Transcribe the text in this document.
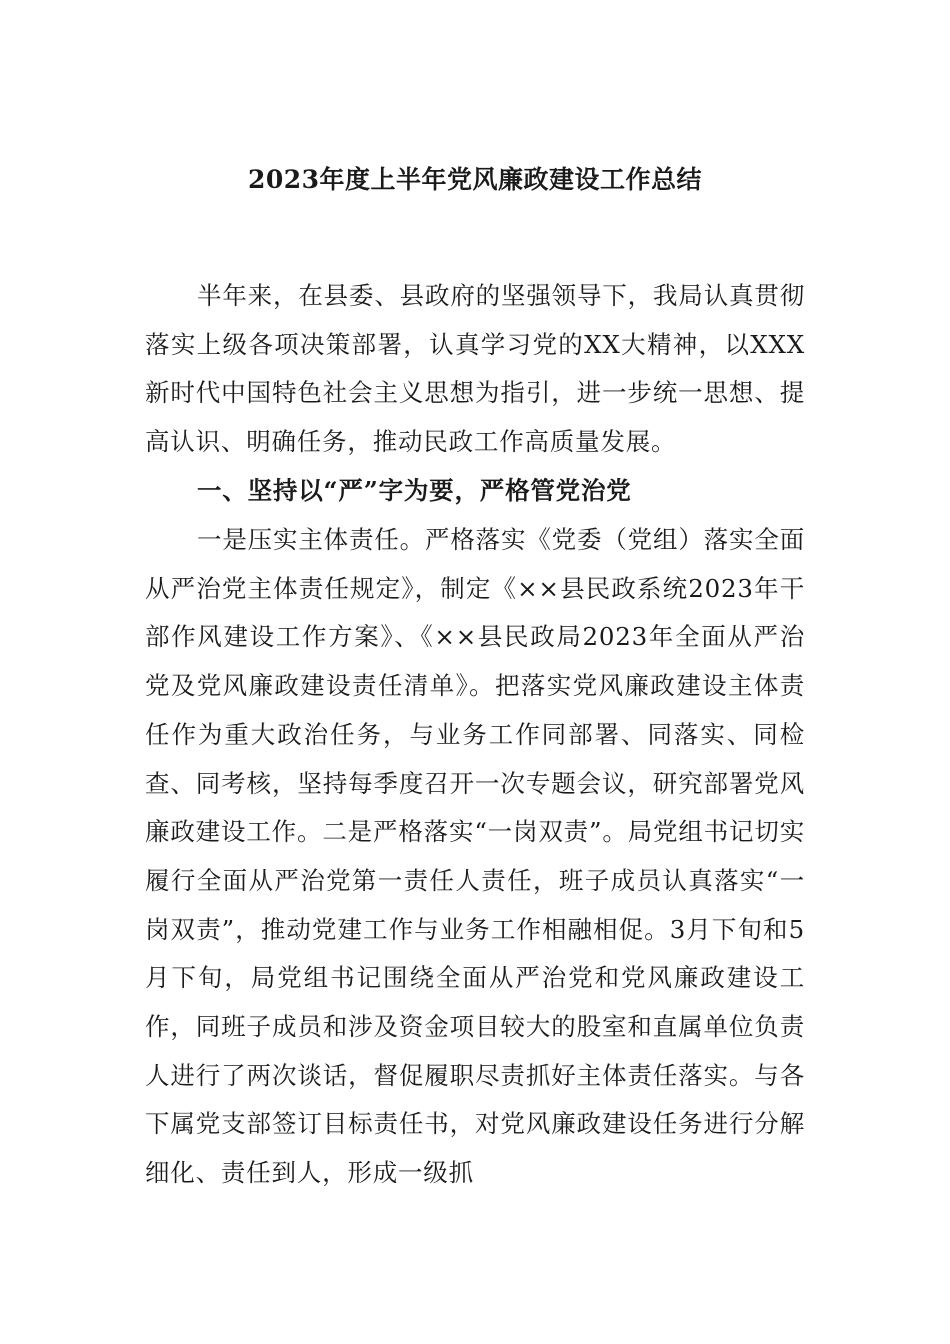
2023年度上半年党风廉政建设工作总结

半年来，在县委、县政府的坚强领导下，我局认真贯彻落实上级各项决策部署，认真学习党的XX大精神，以XXX新时代中国特色社会主义思想为指引，进一步统一思想、提高认识、明确任务，推动民政工作高质量发展。

一、坚持以“严”字为要，严格管党治党

一是压实主体责任。严格落实《党委（党组）落实全面从严治党主体责任规定》，制定《××县民政系统2023年干部作风建设工作方案》、《××县民政局2023年全面从严治党及党风廉政建设责任清单》。把落实党风廉政建设主体责任作为重大政治任务，与业务工作同部署、同落实、同检查、同考核，坚持每季度召开一次专题会议，研究部署党风廉政建设工作。二是严格落实“一岗双责”。局党组书记切实履行全面从严治党第一责任人责任，班子成员认真落实“一岗双责”，推动党建工作与业务工作相融相促。3月下旬和5月下旬，局党组书记围绕全面从严治党和党风廉政建设工作，同班子成员和涉及资金项目较大的股室和直属单位负责人进行了两次谈话，督促履职尽责抓好主体责任落实。与各下属党支部签订目标责任书，对党风廉政建设任务进行分解细化、责任到人，形成一级抓
